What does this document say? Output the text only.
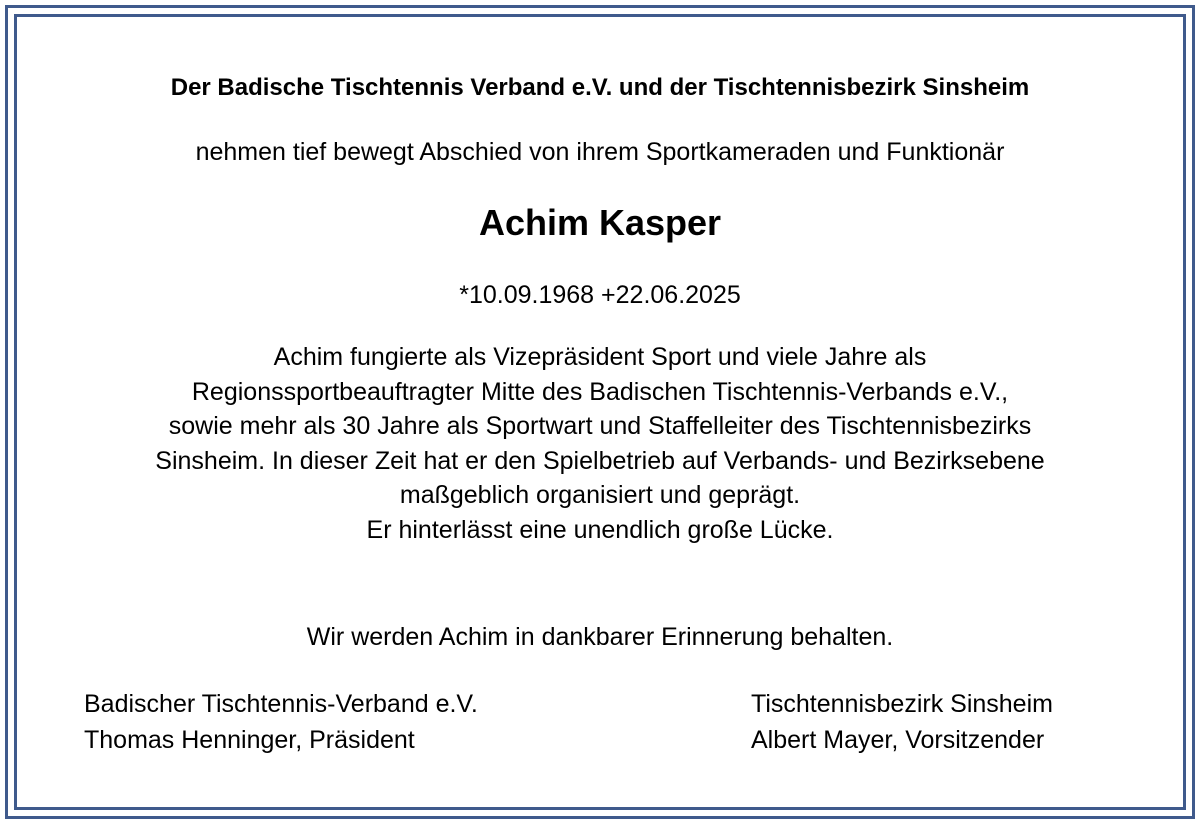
Der Badische Tischtennis Verband e.V. und der Tischtennisbezirk Sinsheim
nehmen tief bewegt Abschied von ihrem Sportkameraden und Funktionär
Achim Kasper
*10.09.1968 +22.06.2025
Achim fungierte als Vizepräsident Sport und viele Jahre als
Regionssportbeauftragter Mitte des Badischen Tischtennis-Verbands e.V.,
sowie mehr als 30 Jahre als Sportwart und Staffelleiter des Tischtennisbezirks
Sinsheim. In dieser Zeit hat er den Spielbetrieb auf Verbands- und Bezirksebene
maßgeblich organisiert und geprägt.
Er hinterlässt eine unendlich große Lücke.
Wir werden Achim in dankbarer Erinnerung behalten.
Badischer Tischtennis-Verband e.V.
Thomas Henninger, Präsident
Tischtennisbezirk Sinsheim
Albert Mayer, Vorsitzender
